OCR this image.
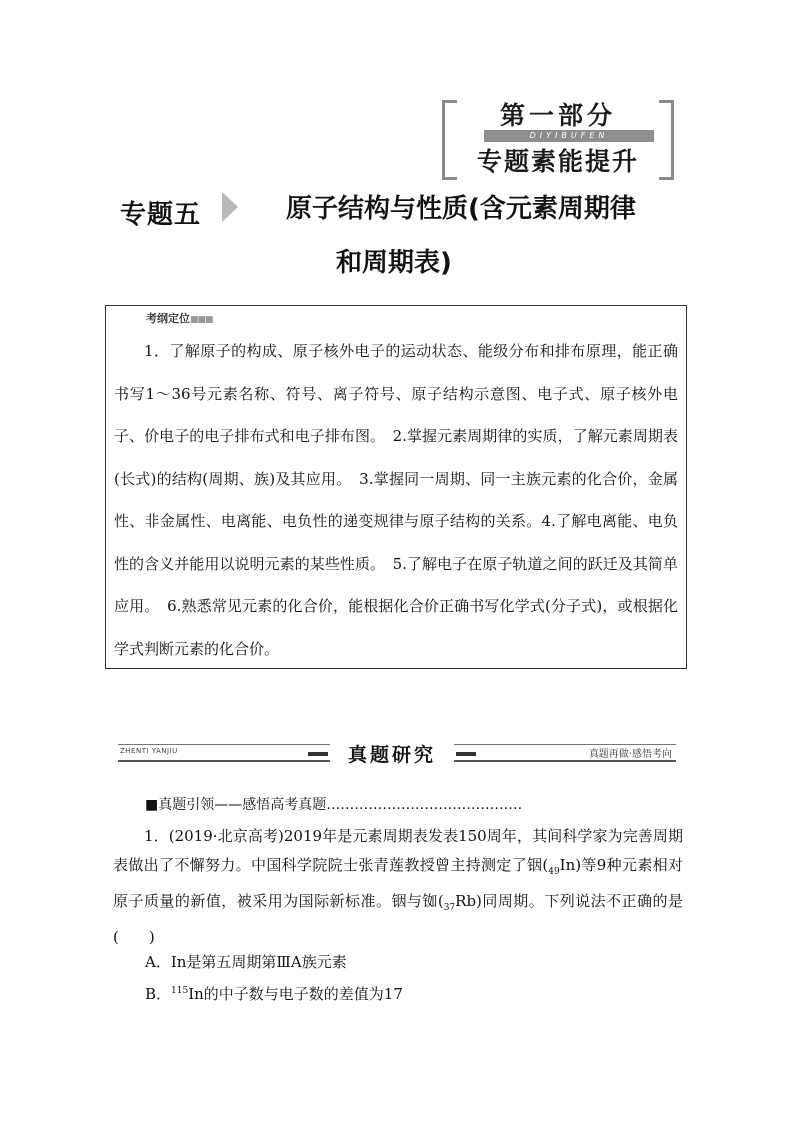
第一部分
DIYIBUFEN
专题素能提升
专题五	原子结构与性质(含元素周期律
和周期表)
考纲定位■■■

1．了解原子的构成、原子核外电子的运动状态、能级分布和排布原理，能正确书写1～36号元素名称、符号、离子符号、原子结构示意图、电子式、原子核外电子、价电子的电子排布式和电子排布图。　2.掌握元素周期律的实质，了解元素周期表(长式)的结构(周期、族)及其应用。　3.掌握同一周期、同一主族元素的化合价，金属性、非金属性、电离能、电负性的递变规律与原子结构的关系。4.了解电离能、电负性的含义并能用以说明元素的某些性质。　5.了解电子在原子轨道之间的跃迁及其简单应用。　6.熟悉常见元素的化合价，能根据化合价正确书写化学式(分子式)，或根据化学式判断元素的化合价。

ZHENTI YANJIU	真题研究	真题再做·感悟考向
■真题引领——感悟高考真题……………………………………

1．(2019·北京高考)2019年是元素周期表发表150周年，其间科学家为完善周期表做出了不懈努力。中国科学院院士张青莲教授曾主持测定了铟$(_{49}In)$等9种元素相对原子质量的新值，被采用为国际新标准。铟与铷$(_{37}Rb)$同周期。下列说法不正确的是(　　)

A．In是第五周期第ⅢA族元素
B．$^{115}$In的中子数与电子数的差值为17
